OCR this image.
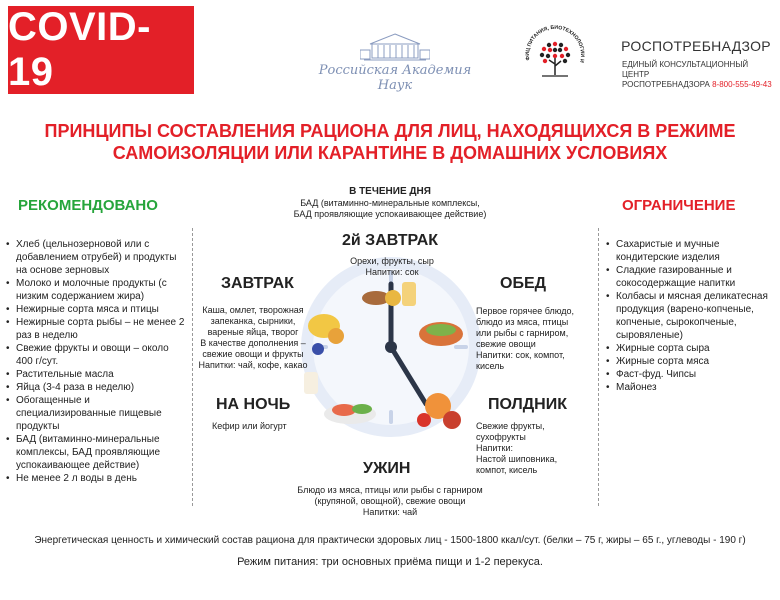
COVID-19	Российская Академия Наук
ФИЦ ПИТАНИЯ, БИОТЕХНОЛОГИИ И
РОСПОТРЕБНАДЗОР
ЕДИНЫЙ КОНСУЛЬТАЦИОННЫЙ ЦЕНТР
РОСПОТРЕБНАДЗОРА 8-800-555-49-43
ПРИНЦИПЫ СОСТАВЛЕНИЯ РАЦИОНА ДЛЯ ЛИЦ, НАХОДЯЩИХСЯ В РЕЖИМЕ
САМОИЗОЛЯЦИИ ИЛИ КАРАНТИНЕ В ДОМАШНИХ УСЛОВИЯХ
РЕКОМЕНДОВАНО	ОГРАНИЧЕНИЕ
• Хлеб (цельнозерновой или с добавлением отрубей) и продукты на основе зерновых
• Молоко и молочные продукты (с низким содержанием жира)
• Нежирные сорта мяса и птицы
• Нежирные сорта рыбы – не менее 2 раз в неделю
• Свежие фрукты и овощи – около 400 г/сут.
• Растительные масла
• Яйца (3-4 раза в неделю)
• Обогащенные и специализированные пищевые продукты
• БАД (витаминно-минеральные комплексы, БАД проявляющие успокаивающее действие)
• Не менее 2 л воды в день
• Сахаристые и мучные кондитерские изделия
• Сладкие газированные и сокосодержащие напитки
• Колбасы и мясная деликатесная продукция (варено-копченые, копченые, сырокопченые, сыровяленые)
• Жирные сорта сыра
• Жирные сорта мяса
• Фаст-фуд. Чипсы
• Майонез
В ТЕЧЕНИЕ ДНЯ
БАД (витаминно-минеральные комплексы,
БАД проявляющие успокаивающее действие)
2й ЗАВТРАК
Орехи, фрукты, сыр
Напитки: сок
ЗАВТРАК
Каша, омлет, творожная
запеканка, сырники,
вареные яйца, творог
В качестве дополнения –
свежие овощи и фрукты
Напитки: чай, кофе, какао
ОБЕД
Первое горячее блюдо,
блюдо из мяса, птицы
или рыбы с гарниром,
свежие овощи
Напитки: сок, компот,
кисель
НА НОЧЬ
Кефир или йогурт
ПОЛДНИК
Свежие фрукты,
сухофрукты
Напитки:
Настой шиповника,
компот, кисель
УЖИН
Блюдо из мяса, птицы или рыбы с гарниром
(крупяной, овощной), свежие овощи
Напитки: чай
Энергетическая ценность и химический состав рациона для практически здоровых лиц - 1500-1800 ккал/сут. (белки – 75 г, жиры – 65 г., углеводы - 190 г)
Режим питания: три основных приёма пищи и 1-2 перекуса.
